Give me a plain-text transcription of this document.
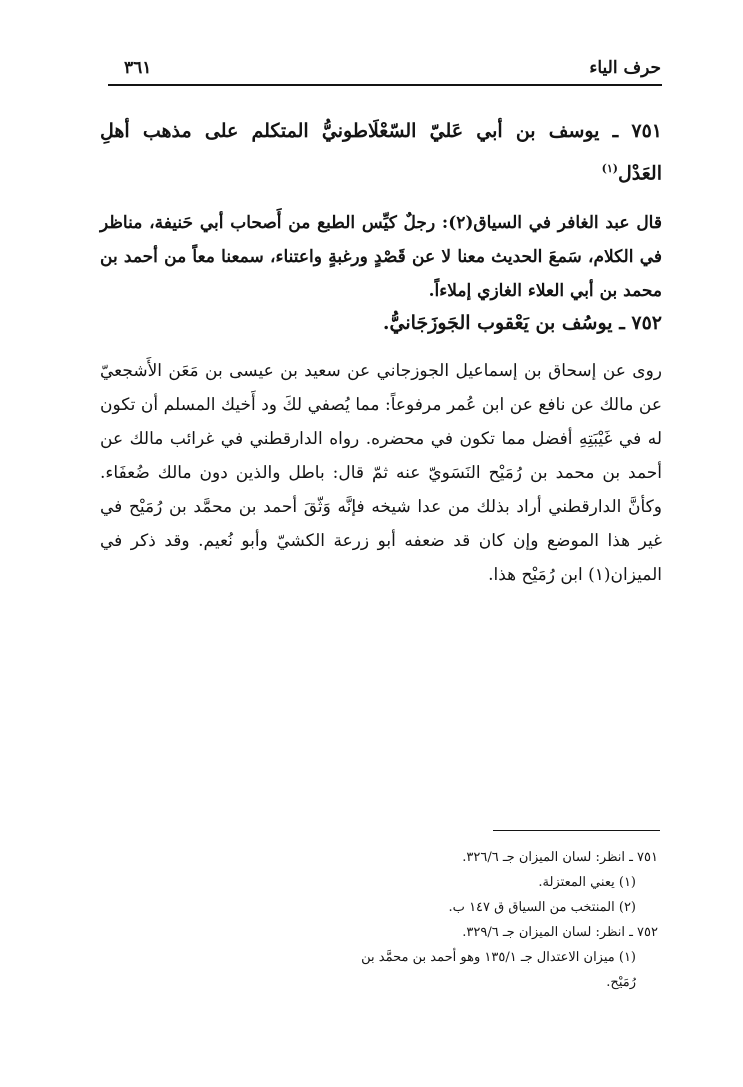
حرف الياء
٣٦١
٧٥١ ـ يوسف بن أبي عَليّ السّعْلَاطونيُّ المتكلم على مذهب أهلِ العَدْل$^{(١)}$
قال عبد الغافر في السياق(٢): رجلٌ كيِّس الطبع من أَصحاب أبي حَنيفة، مناظر في الكلام، سَمعَ الحديث معنا لا عن قَصْدٍ ورغبةٍ واعتناء، سمعنا معاً من أحمد بن محمد بن أبي العلاء الغازي إملاءاً.
٧٥٢ ـ يوسُف بن يَعْقوب الجَوزَجَانيُّ.
روى عن إسحاق بن إسماعيل الجوزجاني عن سعيد بن عيسى بن مَعَن الأَشجعيّ عن مالك عن نافع عن ابن عُمر مرفوعاً: مما يُصفي لكَ ود أَخيك المسلم أن تكون له في غَيْبَتِهِ أفضل مما تكون في محضره. رواه الدارقطني في غرائب مالك عن أحمد بن محمد بن رُمَيْح النَسَويّ عنه ثمّ قال: باطل والذين دون مالك ضُعفَاء. وكأنَّ الدارقطني أراد بذلك من عدا شيخه فإنَّه وَثّقَ أحمد بن محمَّد بن رُمَيْح في غير هذا الموضع وإن كان قد ضعفه أبو زرعة الكشيّ وأبو نُعيم. وقد ذكر في الميزان(١) ابن رُمَيْح هذا.
٧٥١ ـ انظر: لسان الميزان جـ ٣٢٦/٦.
(١) يعني المعتزلة.
(٢) المنتخب من السياق ق ١٤٧ ب.
٧٥٢ ـ انظر: لسان الميزان جـ ٣٢٩/٦.
(١) ميزان الاعتدال جـ ١٣٥/١ وهو أحمد بن محمَّد بن رُمَيْح.
